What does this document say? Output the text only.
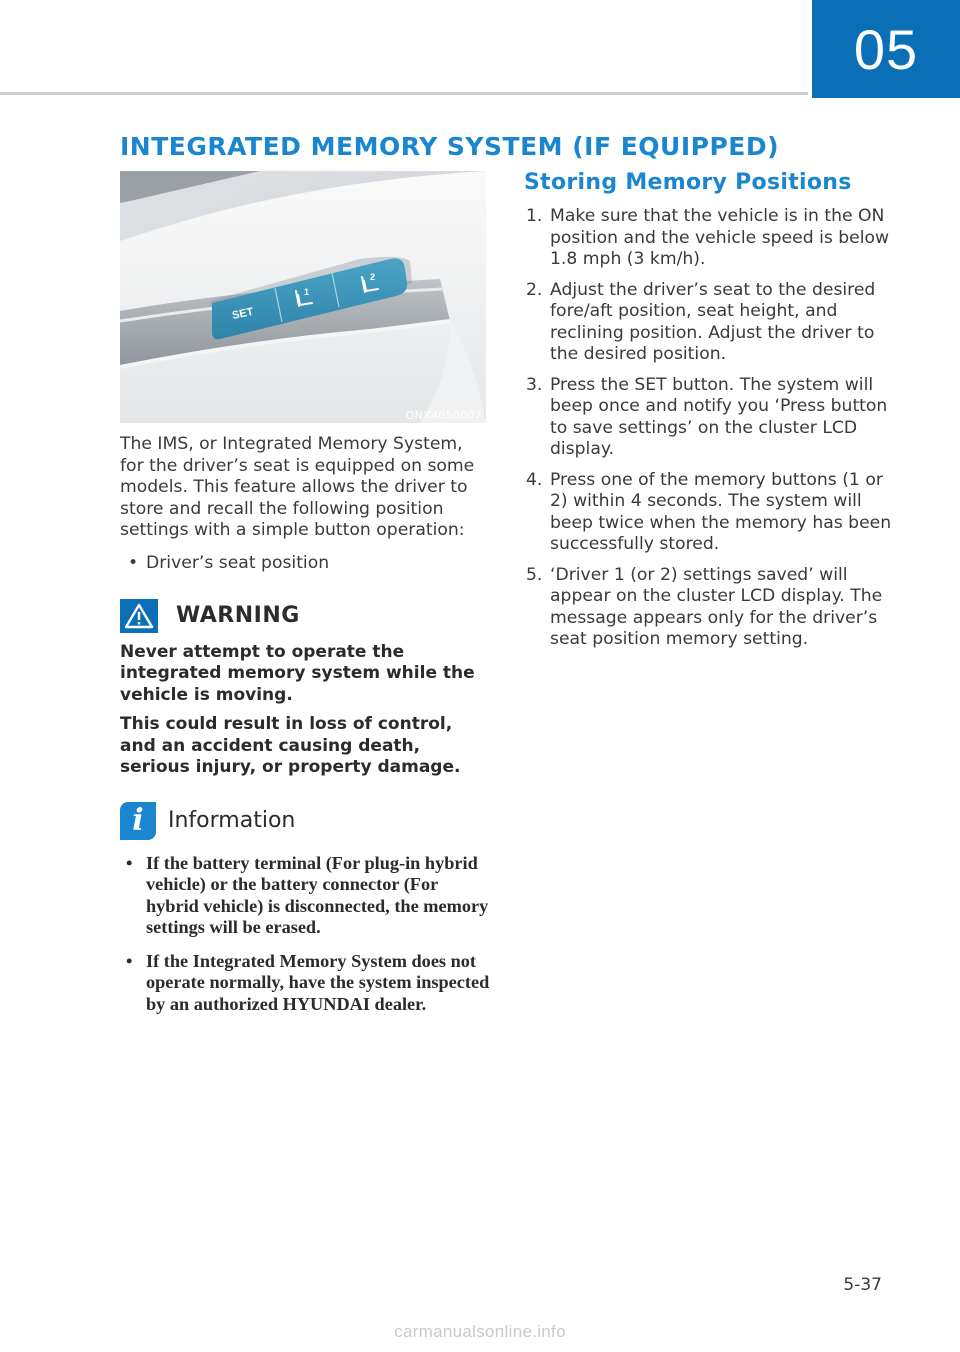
05
INTEGRATED MEMORY SYSTEM (IF EQUIPPED)
SET
1
2
ONX4050007

The IMS, or Integrated Memory System, for the driver’s seat is equipped on some models. This feature allows the driver to store and recall the following position settings with a simple button operation:

• Driver’s seat position
WARNING

Never attempt to operate the integrated memory system while the vehicle is moving.

This could result in loss of control, and an accident causing death, serious injury, or property damage.

i	Information
• If the battery terminal (For plug-in hybrid vehicle) or the battery connector (For hybrid vehicle) is disconnected, the memory settings will be erased.
• If the Integrated Memory System does not operate normally, have the system inspected by an authorized HYUNDAI dealer.
Storing Memory Positions
1. Make sure that the vehicle is in the ON position and the vehicle speed is below 1.8 mph (3 km/h).
2. Adjust the driver’s seat to the desired fore/aft position, seat height, and reclining position. Adjust the driver to the desired position.
3. Press the SET button. The system will beep once and notify you ‘Press button to save settings’ on the cluster LCD display.
4. Press one of the memory buttons (1 or 2) within 4 seconds. The system will beep twice when the memory has been successfully stored.
5. ‘Driver 1 (or 2) settings saved’ will appear on the cluster LCD display. The message appears only for the driver’s seat position memory setting.
5-37
carmanualsonline.info
